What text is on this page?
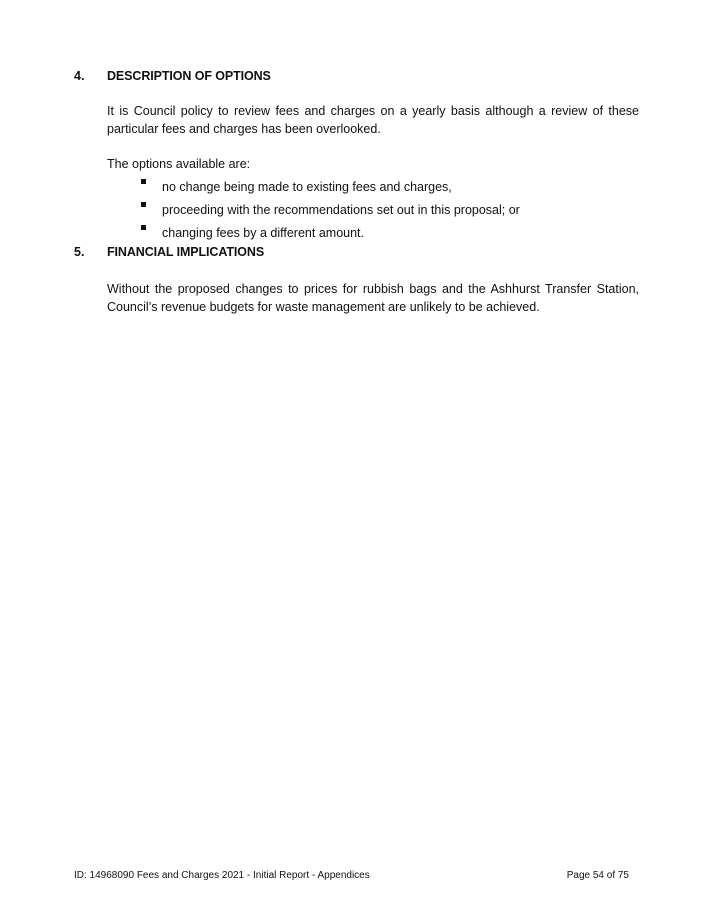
4.	DESCRIPTION OF OPTIONS
It is Council policy to review fees and charges on a yearly basis although a review of these particular fees and charges has been overlooked.
The options available are:
no change being made to existing fees and charges,
proceeding with the recommendations set out in this proposal; or
changing fees by a different amount.
5.	FINANCIAL IMPLICATIONS
Without the proposed changes to prices for rubbish bags and the Ashhurst Transfer Station, Council’s revenue budgets for waste management are unlikely to be achieved.
ID: 14968090 Fees and Charges 2021 - Initial Report - Appendices	Page 54 of 75
